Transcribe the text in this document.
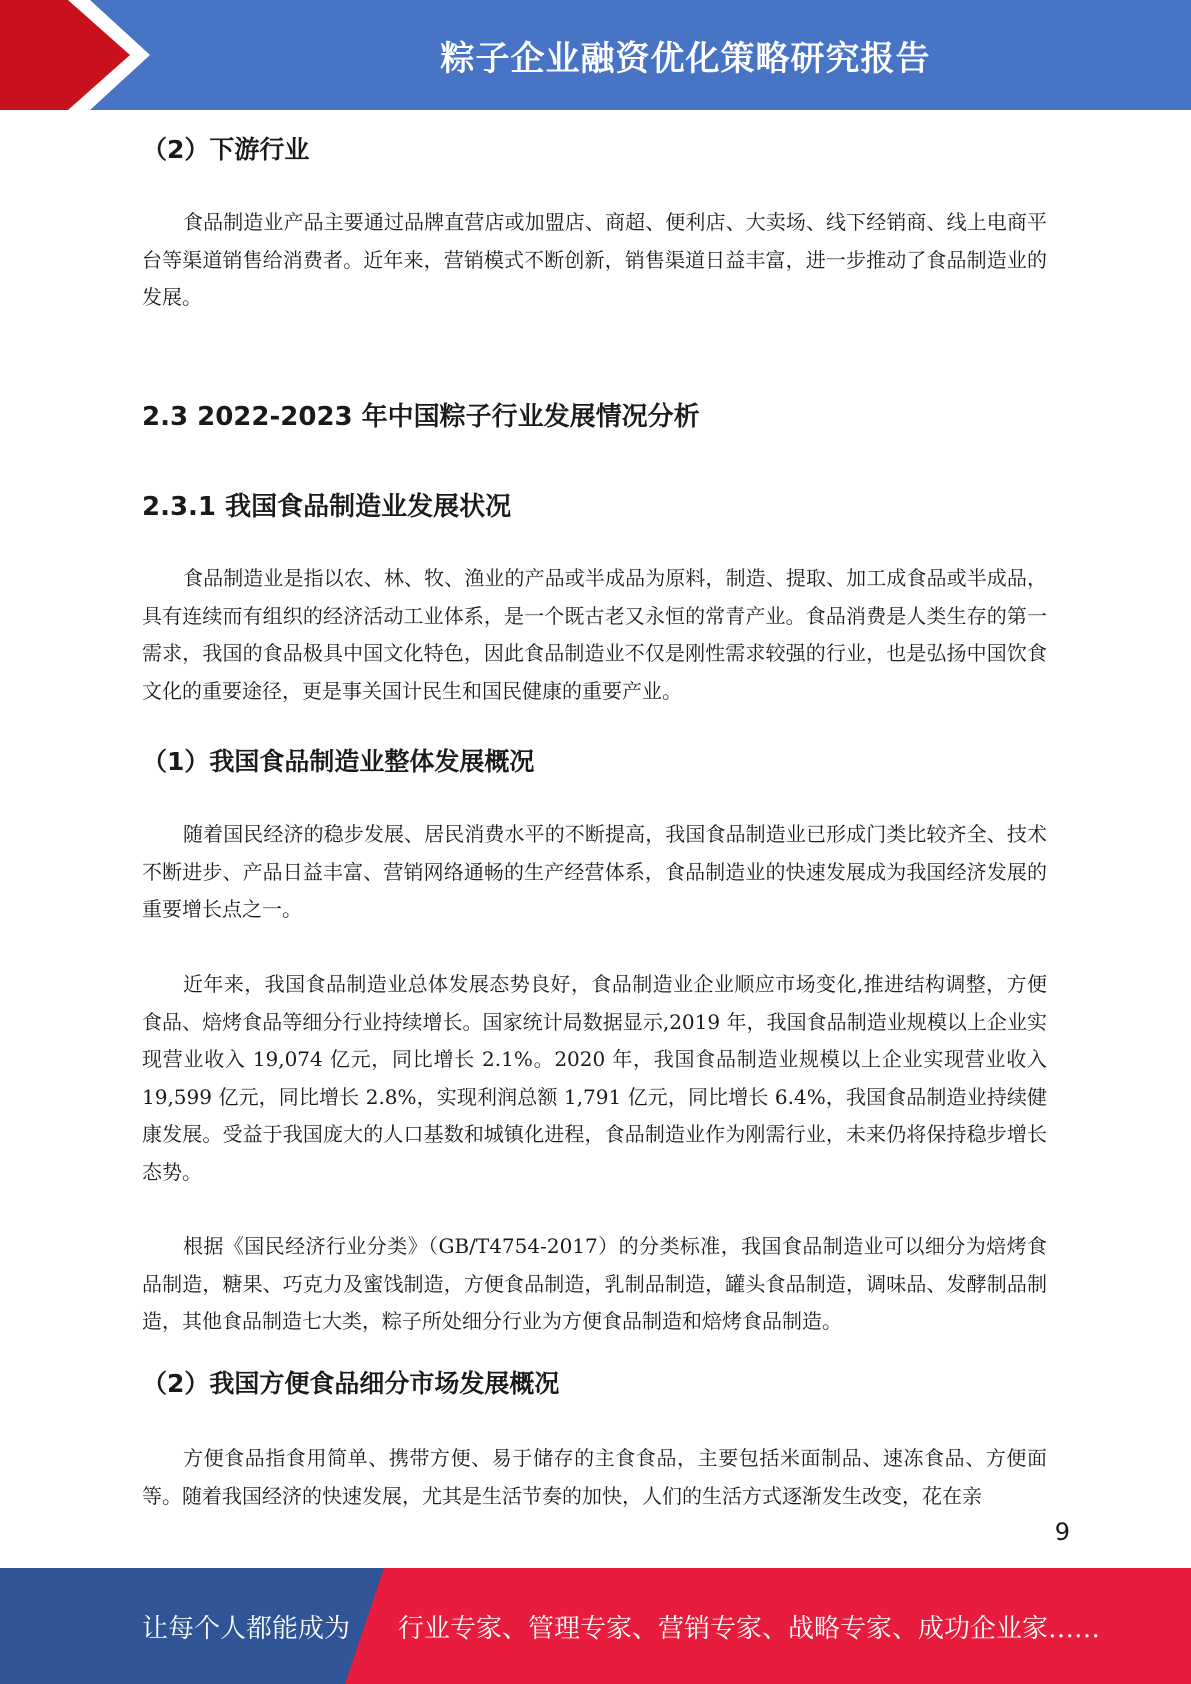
粽子企业融资优化策略研究报告
（2）下游行业

食品制造业产品主要通过品牌直营店或加盟店、商超、便利店、大卖场、线下经销商、线上电商平台等渠道销售给消费者。近年来，营销模式不断创新，销售渠道日益丰富，进一步推动了食品制造业的发展。

2.3 2022-2023 年中国粽子行业发展情况分析
2.3.1 我国食品制造业发展状况

食品制造业是指以农、林、牧、渔业的产品或半成品为原料，制造、提取、加工成食品或半成品，具有连续而有组织的经济活动工业体系，是一个既古老又永恒的常青产业。食品消费是人类生存的第一需求，我国的食品极具中国文化特色，因此食品制造业不仅是刚性需求较强的行业，也是弘扬中国饮食文化的重要途径，更是事关国计民生和国民健康的重要产业。

（1）我国食品制造业整体发展概况

随着国民经济的稳步发展、居民消费水平的不断提高，我国食品制造业已形成门类比较齐全、技术不断进步、产品日益丰富、营销网络通畅的生产经营体系，食品制造业的快速发展成为我国经济发展的重要增长点之一。

近年来，我国食品制造业总体发展态势良好，食品制造业企业顺应市场变化,推进结构调整，方便食品、焙烤食品等细分行业持续增长。国家统计局数据显示,2019 年，我国食品制造业规模以上企业实现营业收入 19,074 亿元，同比增长 2.1%。2020 年，我国食品制造业规模以上企业实现营业收入 19,599 亿元，同比增长 2.8%，实现利润总额 1,791 亿元，同比增长 6.4%，我国食品制造业持续健康发展。受益于我国庞大的人口基数和城镇化进程，食品制造业作为刚需行业，未来仍将保持稳步增长态势。

根据《国民经济行业分类》（GB/T4754-2017）的分类标准，我国食品制造业可以细分为焙烤食品制造，糖果、巧克力及蜜饯制造，方便食品制造，乳制品制造，罐头食品制造，调味品、发酵制品制造，其他食品制造七大类，粽子所处细分行业为方便食品制造和焙烤食品制造。

（2）我国方便食品细分市场发展概况

方便食品指食用简单、携带方便、易于储存的主食食品，主要包括米面制品、速冻食品、方便面等。随着我国经济的快速发展，尤其是生活节奏的加快，人们的生活方式逐渐发生改变，花在亲

9
让每个人都能成为 行业专家、管理专家、营销专家、战略专家、成功企业家……
